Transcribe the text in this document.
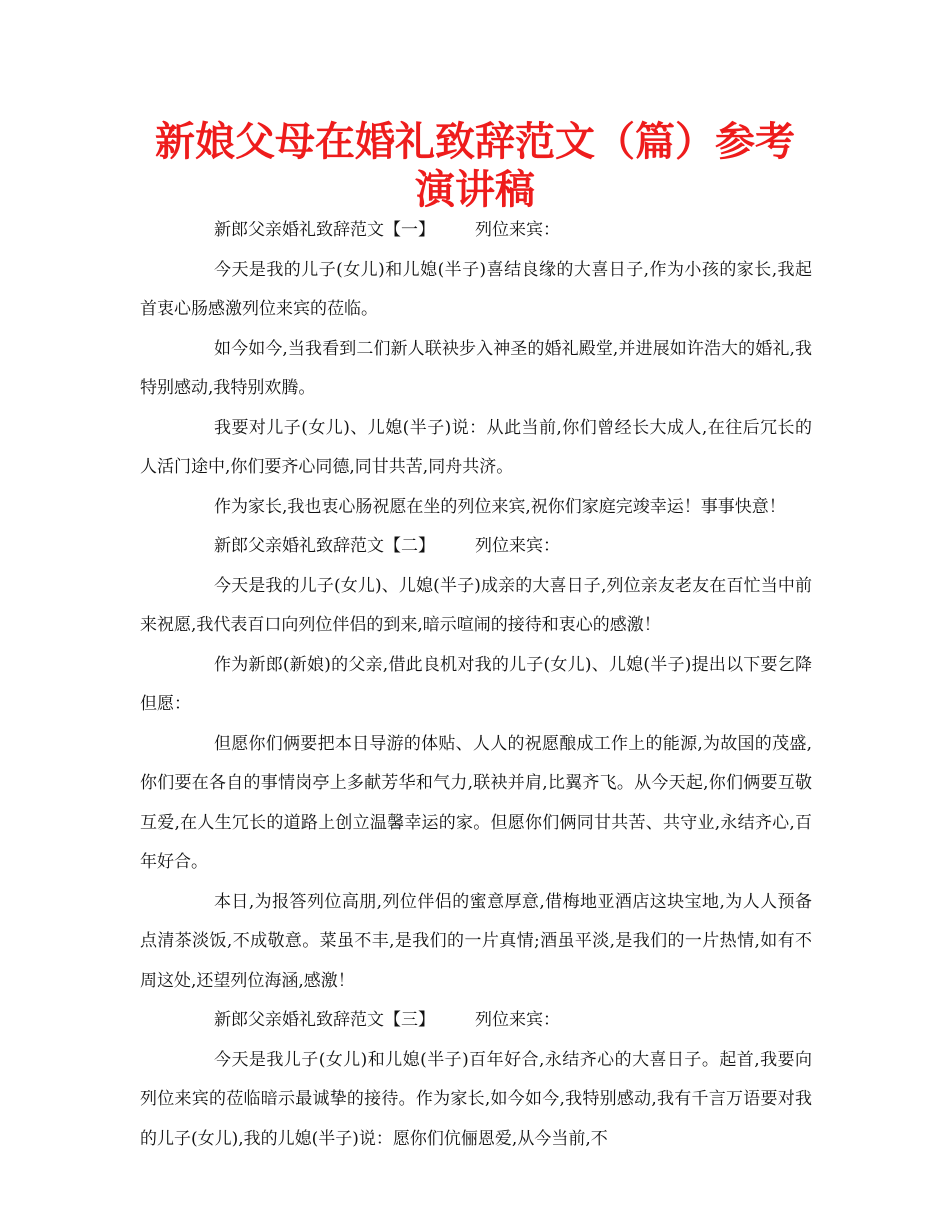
新娘父母在婚礼致辞范文（篇）参考演讲稿

新郎父亲婚礼致辞范文【一】 列位来宾：

今天是我的儿子(女儿)和儿媳(半子)喜结良缘的大喜日子,作为小孩的家长,我起首衷心肠感激列位来宾的莅临。

如今如今,当我看到二们新人联袂步入神圣的婚礼殿堂,并进展如许浩大的婚礼,我特别感动,我特别欢腾。

我要对儿子(女儿)、儿媳(半子)说：从此当前,你们曾经长大成人,在往后冗长的人活门途中,你们要齐心同德,同甘共苦,同舟共济。

作为家长,我也衷心肠祝愿在坐的列位来宾,祝你们家庭完竣幸运！事事快意！

新郎父亲婚礼致辞范文【二】 列位来宾：

今天是我的儿子(女儿)、儿媳(半子)成亲的大喜日子,列位亲友老友在百忙当中前来祝愿,我代表百口向列位伴侣的到来,暗示喧闹的接待和衷心的感激！

作为新郎(新娘)的父亲,借此良机对我的儿子(女儿)、儿媳(半子)提出以下要乞降但愿：

但愿你们俩要把本日导游的体贴、人人的祝愿酿成工作上的能源,为故国的茂盛,你们要在各自的事情岗亭上多献芳华和气力,联袂并肩,比翼齐飞。从今天起,你们俩要互敬互爱,在人生冗长的道路上创立温馨幸运的家。但愿你们俩同甘共苦、共守业,永结齐心,百年好合。

本日,为报答列位高朋,列位伴侣的蜜意厚意,借梅地亚酒店这块宝地,为人人预备点清茶淡饭,不成敬意。菜虽不丰,是我们的一片真情;酒虽平淡,是我们的一片热情,如有不周这处,还望列位海涵,感激！

新郎父亲婚礼致辞范文【三】 列位来宾：

今天是我儿子(女儿)和儿媳(半子)百年好合,永结齐心的大喜日子。起首,我要向列位来宾的莅临暗示最诚挚的接待。作为家长,如今如今,我特别感动,我有千言万语要对我的儿子(女儿),我的儿媳(半子)说：愿你们伉俪恩爱,从今当前,不
